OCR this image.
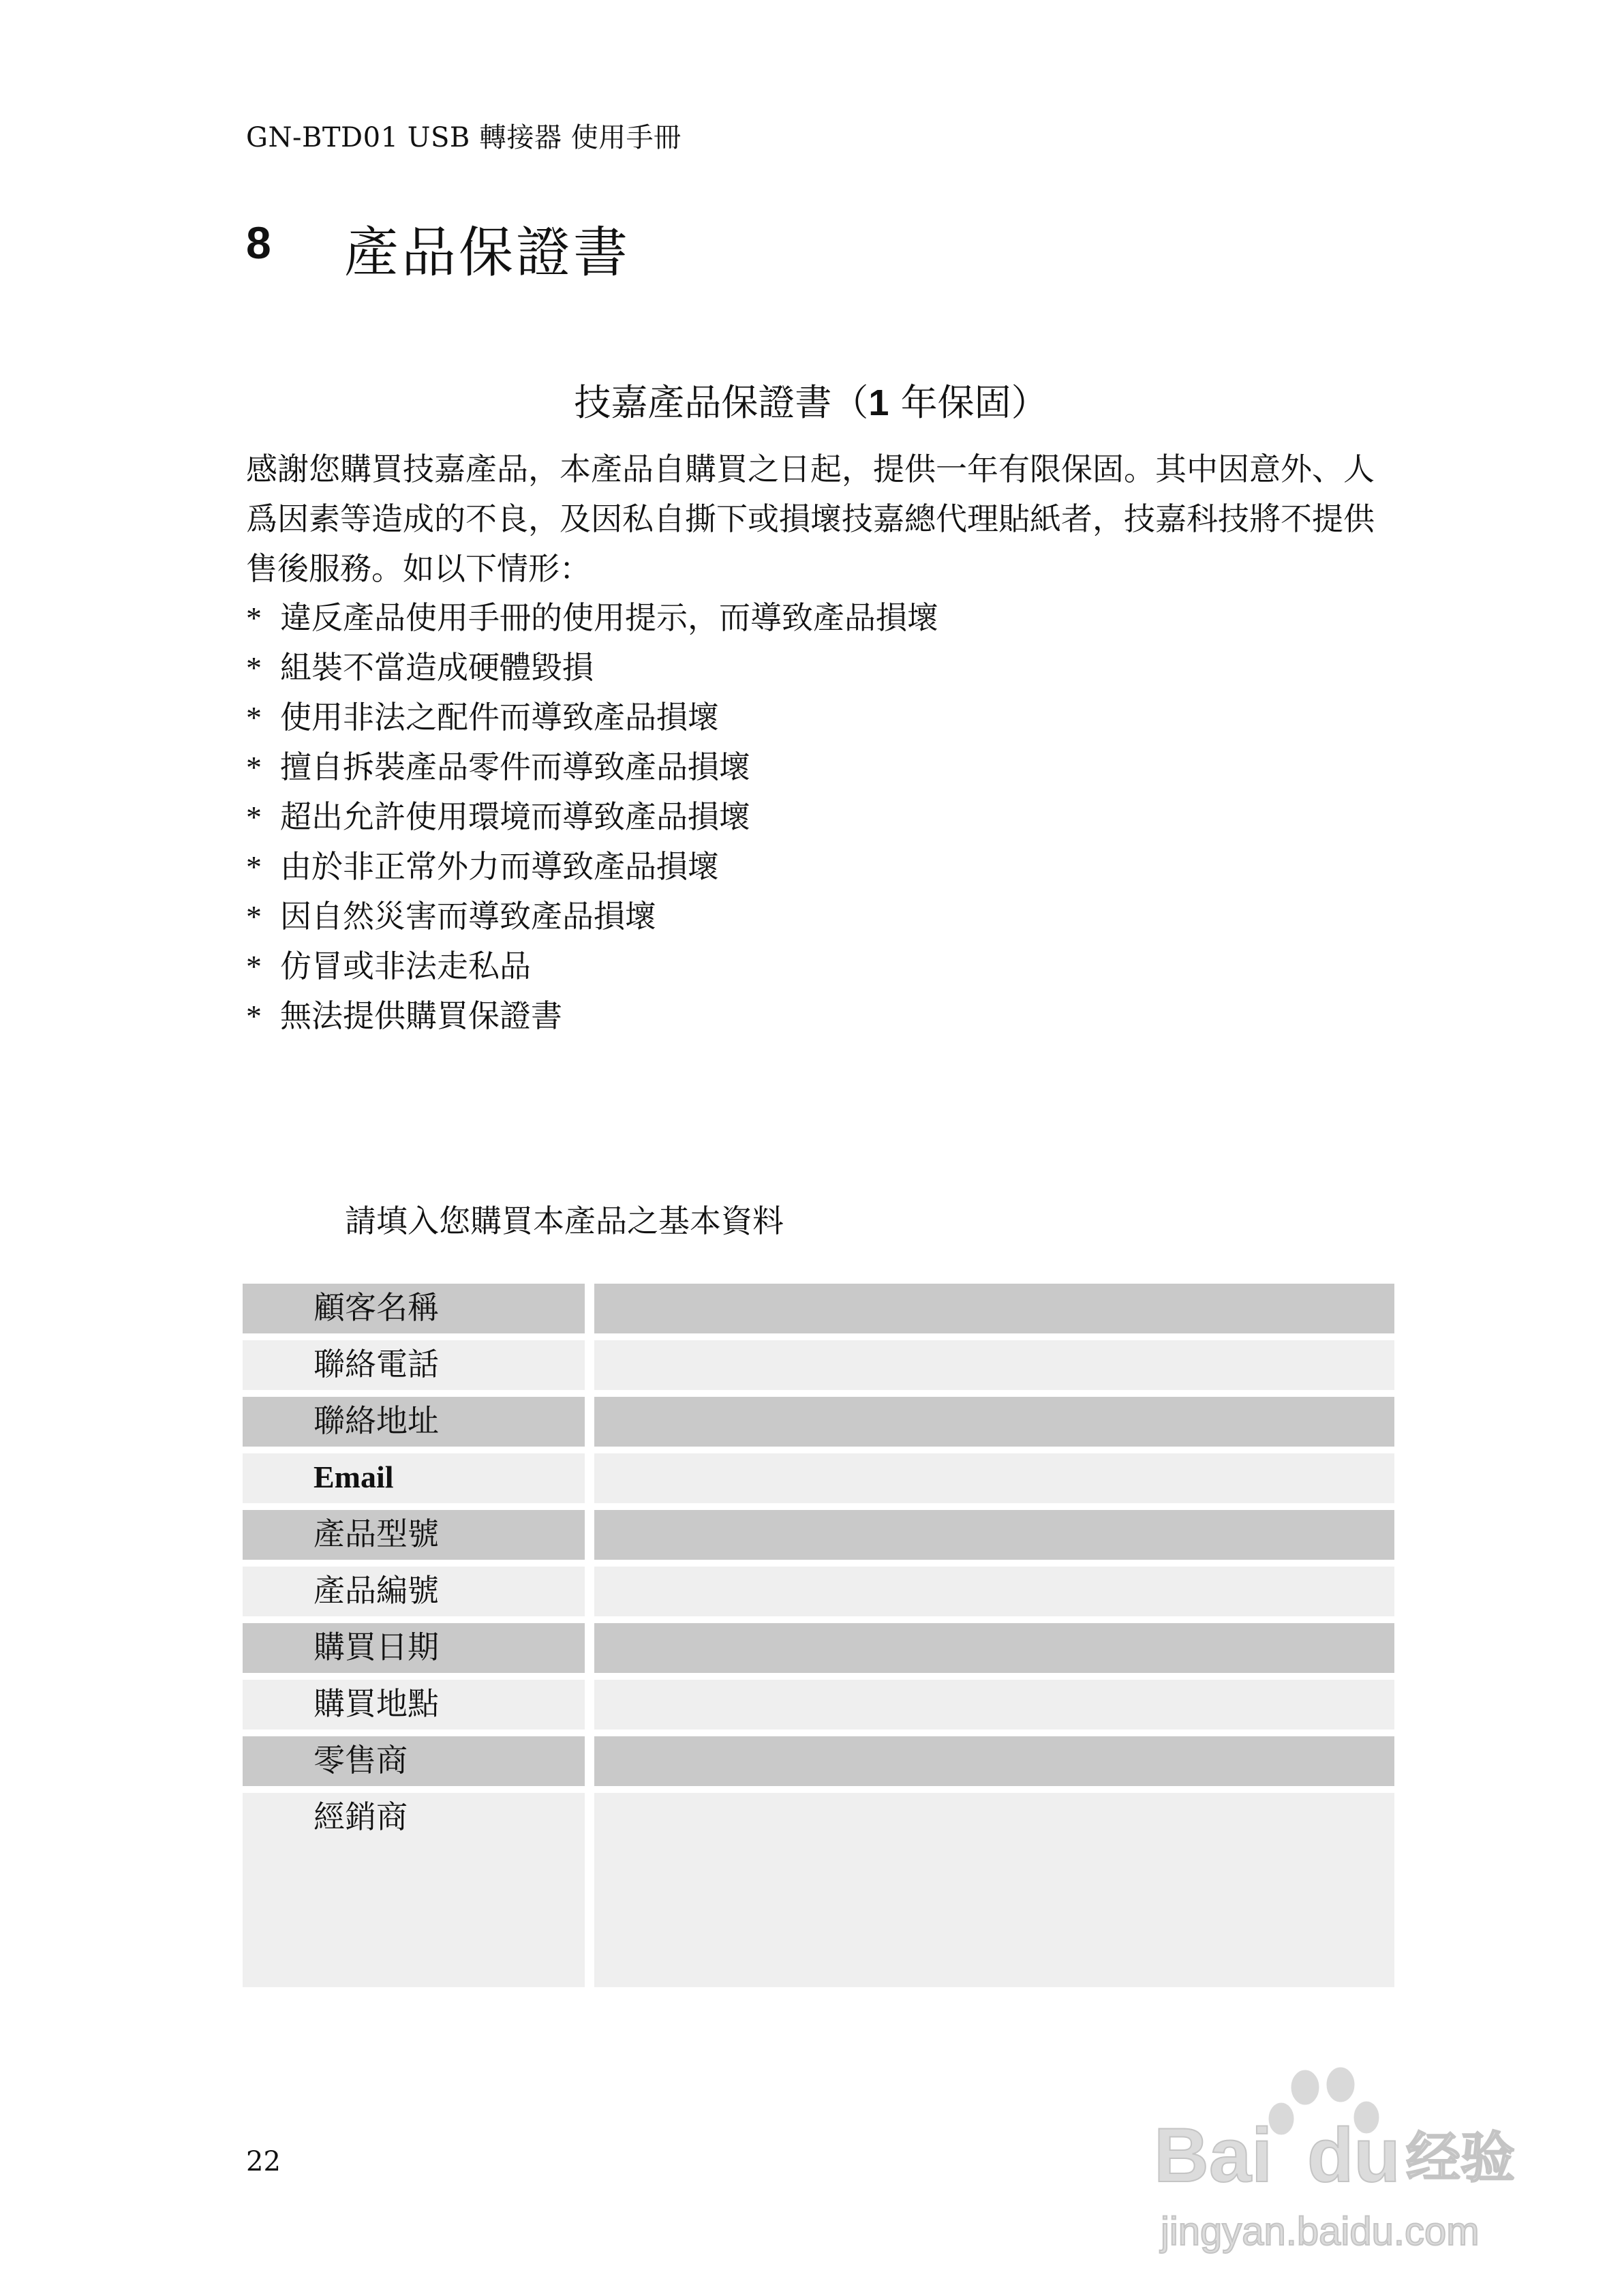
GN-BTD01 USB 轉接器 使用手冊
8 產品保證書
技嘉產品保證書（1 年保固）

感謝您購買技嘉產品，本產品自購買之日起，提供一年有限保固。其中因意外、人爲因素等造成的不良，及因私自撕下或損壞技嘉總代理貼紙者，技嘉科技將不提供售後服務。如以下情形：

* 違反產品使用手冊的使用提示，而導致產品損壞
* 組裝不當造成硬體毀損
* 使用非法之配件而導致產品損壞
* 擅自拆裝產品零件而導致產品損壞
* 超出允許使用環境而導致產品損壞
* 由於非正常外力而導致產品損壞
* 因自然災害而導致產品損壞
* 仿冒或非法走私品
* 無法提供購買保證書
請填入您購買本產品之基本資料
顧客名稱
聯絡電話
聯絡地址
Email
產品型號
產品編號
購買日期
購買地點
零售商
經銷商
22	Bai du 经验
jingyan.baidu.com
